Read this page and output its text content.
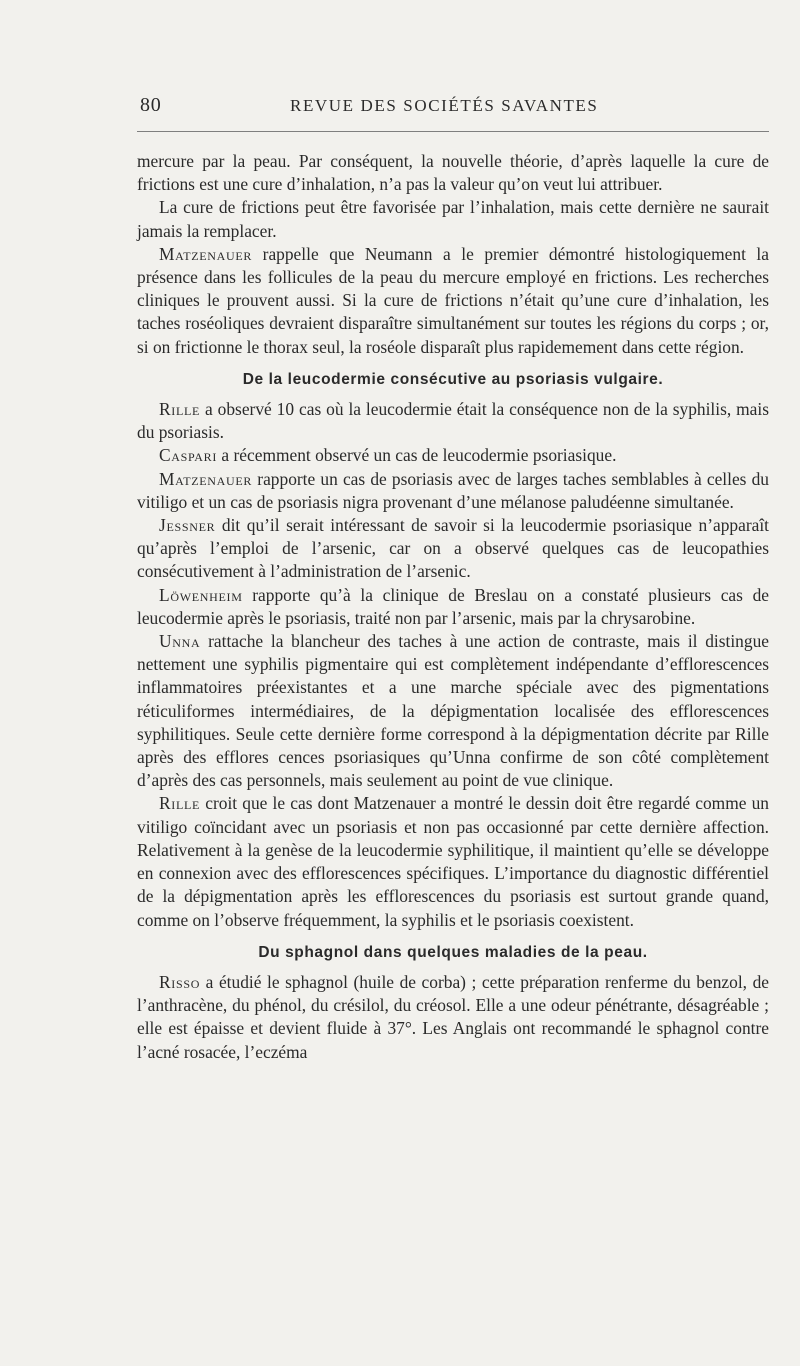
80	REVUE DES SOCIÉTÉS SAVANTES

mercure par la peau. Par conséquent, la nouvelle théorie, d’après laquelle la cure de frictions est une cure d’inhalation, n’a pas la valeur qu’on veut lui attribuer.

La cure de frictions peut être favorisée par l’inhalation, mais cette dernière ne saurait jamais la remplacer.

Matzenauer rappelle que Neumann a le premier démontré histologiquement la présence dans les follicules de la peau du mercure employé en frictions. Les recherches cliniques le prouvent aussi. Si la cure de frictions n’était qu’une cure d’inhalation, les taches roséoliques devraient disparaître simultanément sur toutes les régions du corps ; or, si on frictionne le thorax seul, la roséole disparaît plus rapidemement dans cette région.

De la leucodermie consécutive au psoriasis vulgaire.

Rille a observé 10 cas où la leucodermie était la conséquence non de la syphilis, mais du psoriasis.

Caspari a récemment observé un cas de leucodermie psoriasique.

Matzenauer rapporte un cas de psoriasis avec de larges taches semblables à celles du vitiligo et un cas de psoriasis nigra provenant d’une mélanose paludéenne simultanée.

Jessner dit qu’il serait intéressant de savoir si la leucodermie psoriasique n’apparaît qu’après l’emploi de l’arsenic, car on a observé quelques cas de leucopathies consécutivement à l’administration de l’arsenic.

Löwenheim rapporte qu’à la clinique de Breslau on a constaté plusieurs cas de leucodermie après le psoriasis, traité non par l’arsenic, mais par la chrysarobine.

Unna rattache la blancheur des taches à une action de contraste, mais il distingue nettement une syphilis pigmentaire qui est complètement indépendante d’efflorescences inflammatoires préexistantes et a une marche spéciale avec des pigmentations réticuliformes intermédiaires, de la dépigmentation localisée des efflorescences syphilitiques. Seule cette dernière forme correspond à la dépigmentation décrite par Rille après des efflores cences psoriasiques qu’Unna confirme de son côté complètement d’après des cas personnels, mais seulement au point de vue clinique.

Rille croit que le cas dont Matzenauer a montré le dessin doit être regardé comme un vitiligo coïncidant avec un psoriasis et non pas occasionné par cette dernière affection. Relativement à la genèse de la leucodermie syphilitique, il maintient qu’elle se développe en connexion avec des efflorescences spécifiques. L’importance du diagnostic différentiel de la dépigmentation après les efflorescences du psoriasis est surtout grande quand, comme on l’observe fréquemment, la syphilis et le psoriasis coexistent.

Du sphagnol dans quelques maladies de la peau.

Risso a étudié le sphagnol (huile de corba) ; cette préparation renferme du benzol, de l’anthracène, du phénol, du crésilol, du créosol. Elle a une odeur pénétrante, désagréable ; elle est épaisse et devient fluide à 37°. Les Anglais ont recommandé le sphagnol contre l’acné rosacée, l’eczéma
